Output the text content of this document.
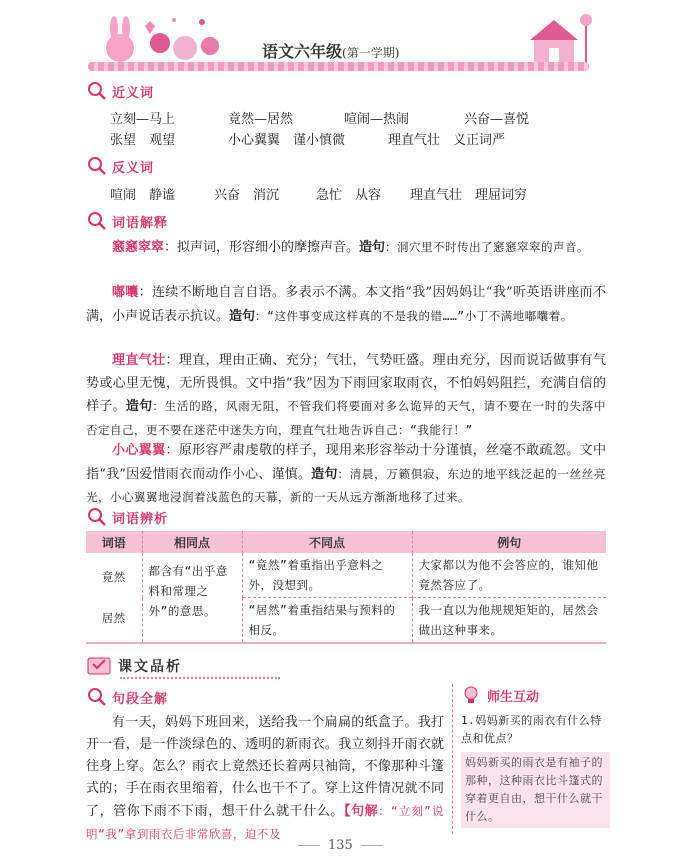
语文六年级(第一学期)
近义词
立刻—马上	竟然—居然	喧闹—热闹	兴奋—喜悦
张望　观望	小心翼翼　谨小慎微	理直气壮　义正词严
反义词
喧闹　静谧	兴奋　消沉	急忙　从容 理直气壮　理屈词穷
词语解释
窸窸窣窣：拟声词，形容细小的摩擦声音。造句：洞穴里不时传出了窸窸窣窣的声音。
嘟囔：连续不断地自言自语。多表示不满。本文指“我”因妈妈让“我”听英语讲座而不满，小声说话表示抗议。造句：“这件事变成这样真的不是我的错……”小丁不满地嘟囔着。
理直气壮：理直，理由正确、充分；气壮，气势旺盛。理由充分，因而说话做事有气势或心里无愧，无所畏惧。文中指“我”因为下雨回家取雨衣，不怕妈妈阻拦，充满自信的样子。造句：生活的路，风雨无阻，不管我们将要面对多么诡异的天气，请不要在一时的失落中否定自己，更不要在迷茫中迷失方向，理直气壮地告诉自己：“我能行！”
小心翼翼：原形容严肃虔敬的样子，现用来形容举动十分谨慎，丝毫不敢疏忽。文中指“我”因爱惜雨衣而动作小心、谨慎。造句：清晨，万籁俱寂，东边的地平线泛起的一丝丝亮光，小心翼翼地浸润着浅蓝色的天幕，新的一天从远方渐渐地移了过来。
词语辨析
词语	相同点	不同点	例句
竟然	都含有“出乎意料和常理之外”的意思。	“竟然”着重指出乎意料之外，没想到。	大家都以为他不会答应的，谁知他竟然答应了。
居然		“居然”着重指结果与预料的相反。	我一直以为他规规矩矩的，居然会做出这种事来。
课文品析
句段全解
有一天，妈妈下班回来，送给我一个扁扁的纸盒子。我打开一看，是一件淡绿色的、透明的新雨衣。我立刻抖开雨衣就往身上穿。怎么？雨衣上竟然还长着两只袖筒，不像那种斗篷式的；手在雨衣里缩着，什么也干不了。穿上这件情况就不同了，管你下雨不下雨，想干什么就干什么。【句解：“立刻”说明“我”拿到雨衣后非常欣喜，迫不及
师生互动
1.妈妈新买的雨衣有什么特点和优点？
妈妈新买的雨衣是有袖子的那种，这种雨衣比斗篷式的穿着更自由，想干什么就干什么。
135
